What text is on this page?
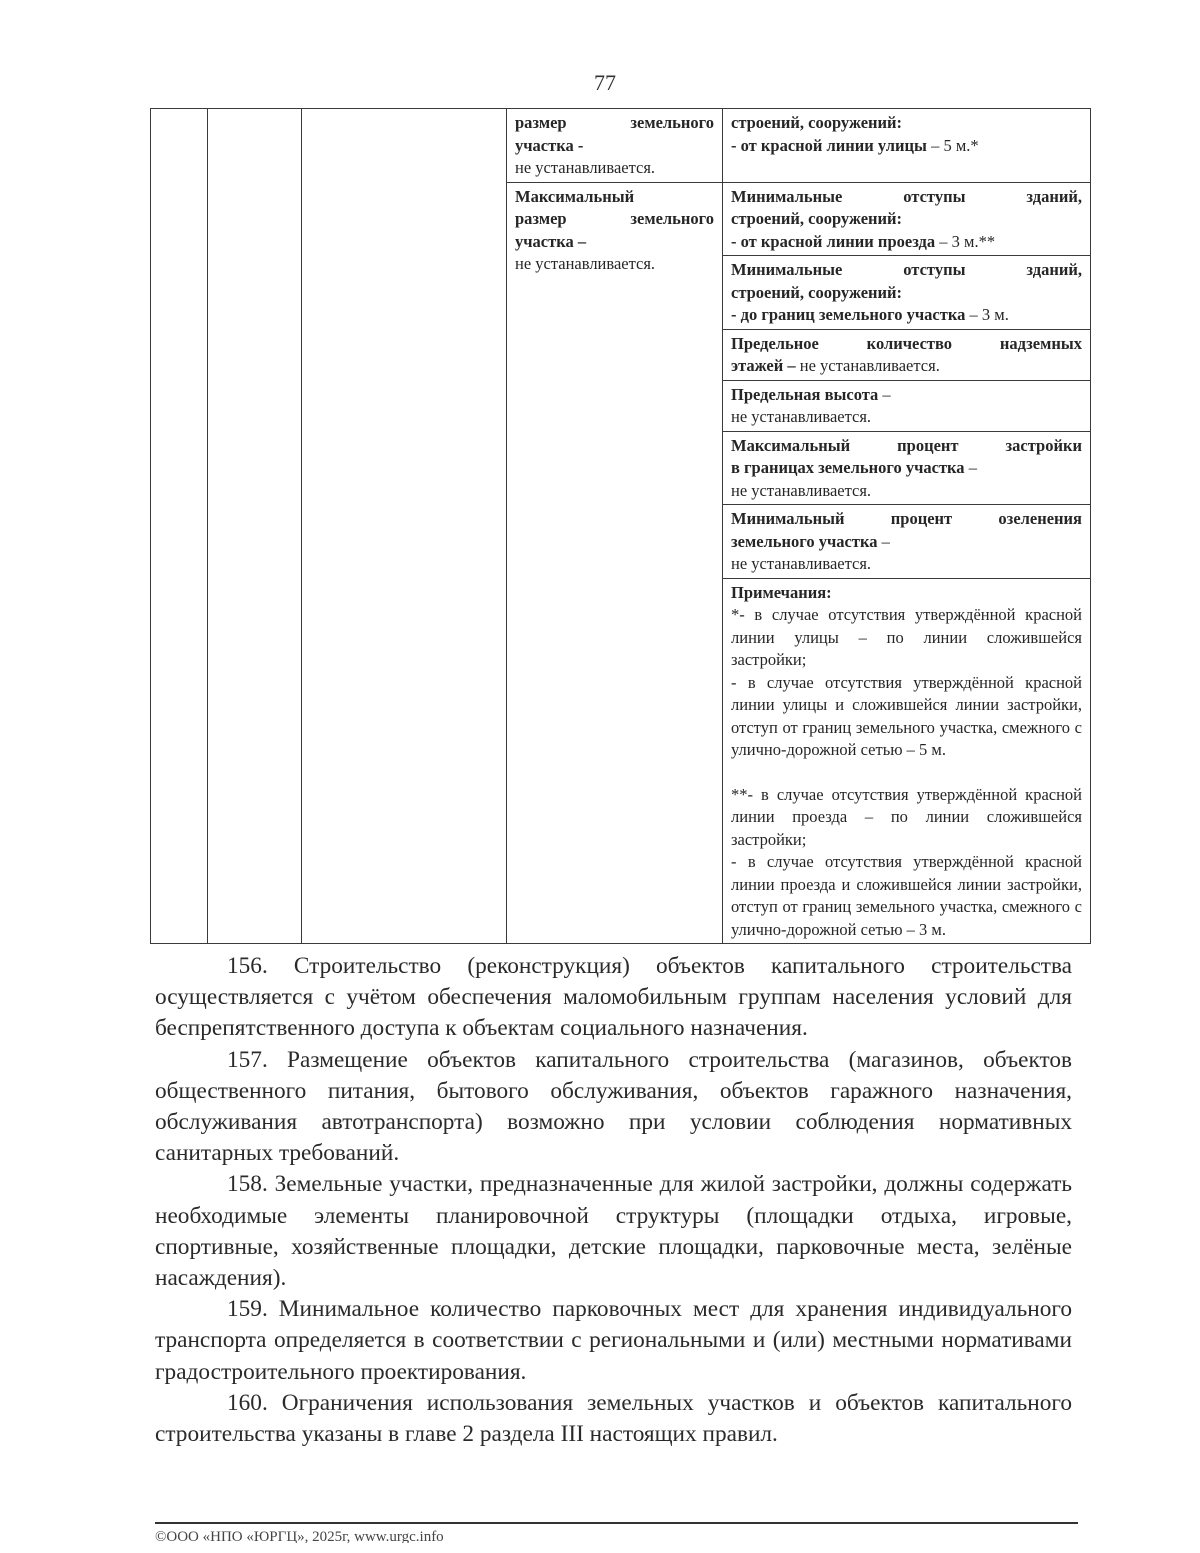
77

			размер земельного
участка -
не устанавливается.	строений, сооружений:
- от красной линии улицы – 5 м.*

			Максимальный
размер земельного
участка –
не устанавливается.	Минимальные отступы зданий,
строений, сооружений:
- от красной линии проезда – 3 м.**

				Минимальные отступы зданий,
строений, сооружений:
- до границ земельного участка – 3 м.

				Предельное количество надземных
этажей – не устанавливается.

				Предельная высота –
не устанавливается.

				Максимальный процент застройки
в границах земельного участка –
не устанавливается.

				Минимальный процент озеленения
земельного участка –
не устанавливается.

				Примечания:

*- в случае отсутствия утверждённой красной линии улицы – по линии сложившейся застройки;

- в случае отсутствия утверждённой красной линии улицы и сложившейся линии застройки, отступ от границ земельного участка, смежного с улично-дорожной сетью – 5 м.

**- в случае отсутствия утверждённой красной линии проезда – по линии сложившейся застройки;

- в случае отсутствия утверждённой красной линии проезда и сложившейся линии застройки, отступ от границ земельного участка, смежного с улично-дорожной сетью – 3 м.

156. Строительство (реконструкция) объектов капитального строительства осуществляется с учётом обеспечения маломобильным группам населения условий для беспрепятственного доступа к объектам социального назначения.

157. Размещение объектов капитального строительства (магазинов, объектов общественного питания, бытового обслуживания, объектов гаражного назначения, обслуживания автотранспорта) возможно при условии соблюдения нормативных санитарных требований.

158. Земельные участки, предназначенные для жилой застройки, должны содержать необходимые элементы планировочной структуры (площадки отдыха, игровые, спортивные, хозяйственные площадки, детские площадки, парковочные места, зелёные насаждения).

159. Минимальное количество парковочных мест для хранения индивидуального транспорта определяется в соответствии с региональными и (или) местными нормативами градостроительного проектирования.

160. Ограничения использования земельных участков и объектов капитального строительства указаны в главе 2 раздела III настоящих правил.

©ООО «НПО «ЮРГЦ», 2025г, www.urgc.info
